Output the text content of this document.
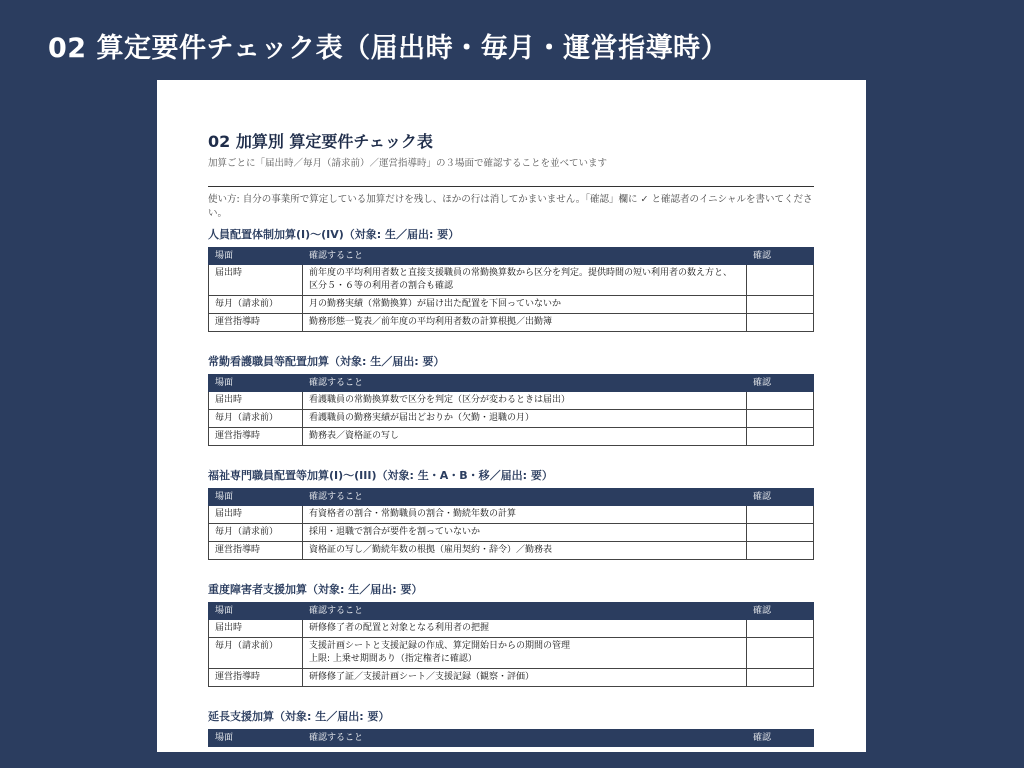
02 算定要件チェック表（届出時・毎月・運営指導時）
02 加算別 算定要件チェック表
加算ごとに「届出時／毎月（請求前）／運営指導時」の３場面で確認することを並べています
使い方: 自分の事業所で算定している加算だけを残し、ほかの行は消してかまいません。「確認」欄に ✓ と確認者のイニシャルを書いてください。
人員配置体制加算(I)〜(IV)（対象: 生／届出: 要）
場面	確認すること	確認
届出時	前年度の平均利用者数と直接支援職員の常勤換算数から区分を判定。提供時間の短い利用者の数え方と、区分５・６等の利用者の割合も確認	

毎月（請求前）	月の勤務実績（常勤換算）が届け出た配置を下回っていないか	

運営指導時	勤務形態一覧表／前年度の平均利用者数の計算根拠／出勤簿	

常勤看護職員等配置加算（対象: 生／届出: 要）
場面	確認すること	確認
届出時	看護職員の常勤換算数で区分を判定（区分が変わるときは届出）	

毎月（請求前）	看護職員の勤務実績が届出どおりか（欠勤・退職の月）	

運営指導時	勤務表／資格証の写し	

福祉専門職員配置等加算(I)〜(III)（対象: 生・A・B・移／届出: 要）
場面	確認すること	確認
届出時	有資格者の割合・常勤職員の割合・勤続年数の計算	

毎月（請求前）	採用・退職で割合が要件を割っていないか	

運営指導時	資格証の写し／勤続年数の根拠（雇用契約・辞令）／勤務表	

重度障害者支援加算（対象: 生／届出: 要）
場面	確認すること	確認
届出時	研修修了者の配置と対象となる利用者の把握	

毎月（請求前）	支援計画シートと支援記録の作成、算定開始日からの期間の管理
上限: 上乗せ期間あり（指定権者に確認）	

運営指導時	研修修了証／支援計画シート／支援記録（観察・評価）	

延長支援加算（対象: 生／届出: 要）
場面	確認すること	確認
